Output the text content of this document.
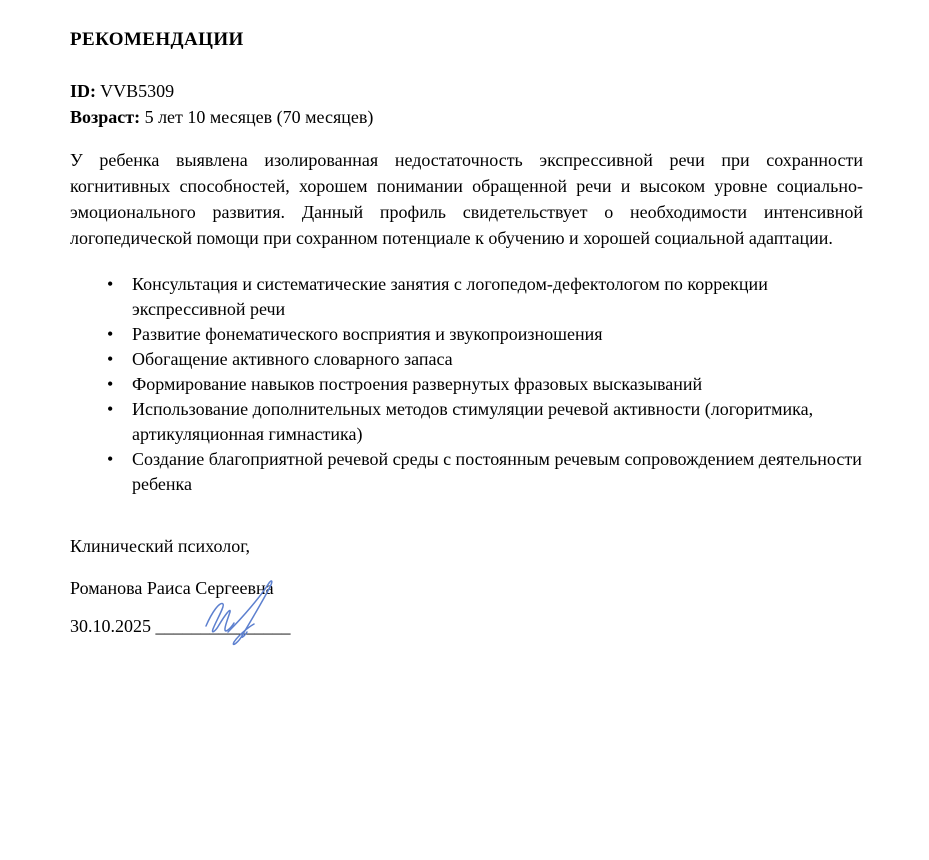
РЕКОМЕНДАЦИИ
ID: VVB5309
Возраст: 5 лет 10 месяцев (70 месяцев)

У ребенка выявлена изолированная недостаточность экспрессивной речи при сохранности когнитивных способностей, хорошем понимании обращенной речи и высоком уровне социально-эмоционального развития. Данный профиль свидетельствует о необходимости интенсивной логопедической помощи при сохранном потенциале к обучению и хорошей социальной адаптации.

• Консультация и систематические занятия с логопедом-дефектологом по коррекции экспрессивной речи
• Развитие фонематического восприятия и звукопроизношения
• Обогащение активного словарного запаса
• Формирование навыков построения развернутых фразовых высказываний
• Использование дополнительных методов стимуляции речевой активности (логоритмика, артикуляционная гимнастика)
• Создание благоприятной речевой среды с постоянным речевым сопровождением деятельности ребенка
Клинический психолог,
Романова Раиса Сергеевна
30.10.2025 _______________
